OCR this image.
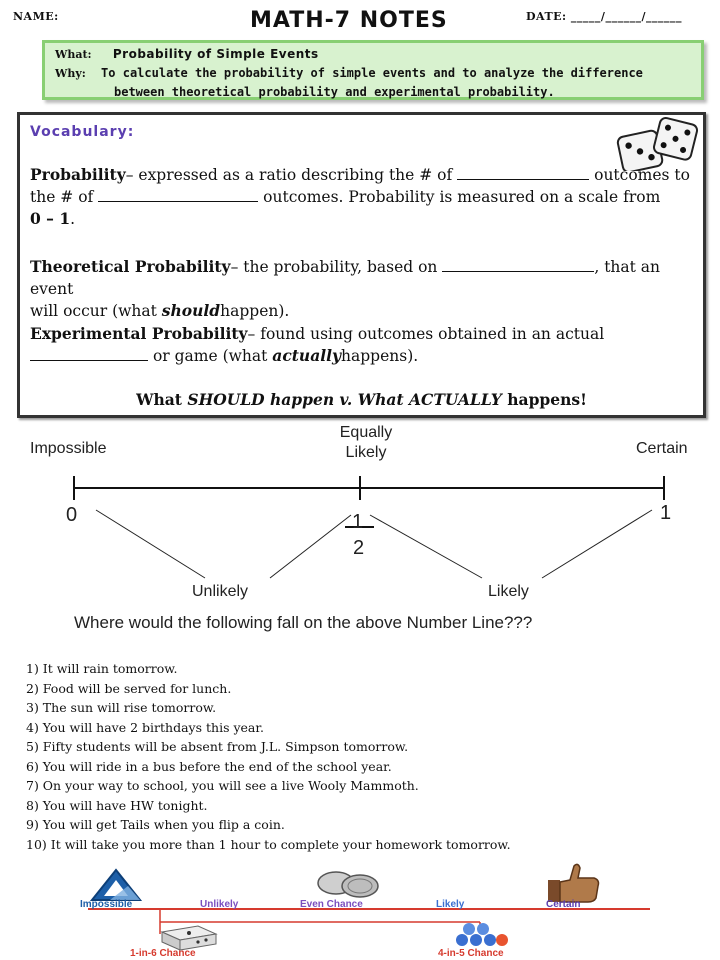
NAME:	MATH-7 NOTES	DATE: _____/______/______
What: Probability of Simple Events
Why: To calculate the probability of simple events and to analyze the difference
between theoretical probability and experimental probability.
Vocabulary:
Probability– expressed as a ratio describing the # of	outcomes to
the # of	outcomes. Probability is measured on a scale from
0 – 1.
Theoretical Probability– the probability, based on	, that an event
will occur (what shouldhappen).
Experimental Probability– found using outcomes obtained in an actual
or game (what actuallyhappens).
What SHOULD happen v. What ACTUALLY happens!
Impossible
Equally
Likely	Certain
0	1
1
2
Unlikely	Likely
Where would the following fall on the above Number Line???
1) It will rain tomorrow.
2) Food will be served for lunch.
3) The sun will rise tomorrow.
4) You will have 2 birthdays this year.
5) Fifty students will be absent from J.L. Simpson tomorrow.
6) You will ride in a bus before the end of the school year.
7) On your way to school, you will see a live Wooly Mammoth.
8) You will have HW tonight.
9) You will get Tails when you flip a coin.
10) It will take you more than 1 hour to complete your homework tomorrow.
Impossible	Unlikely	Even Chance	Likely	Certain
1-in-6 Chance	4-in-5 Chance
